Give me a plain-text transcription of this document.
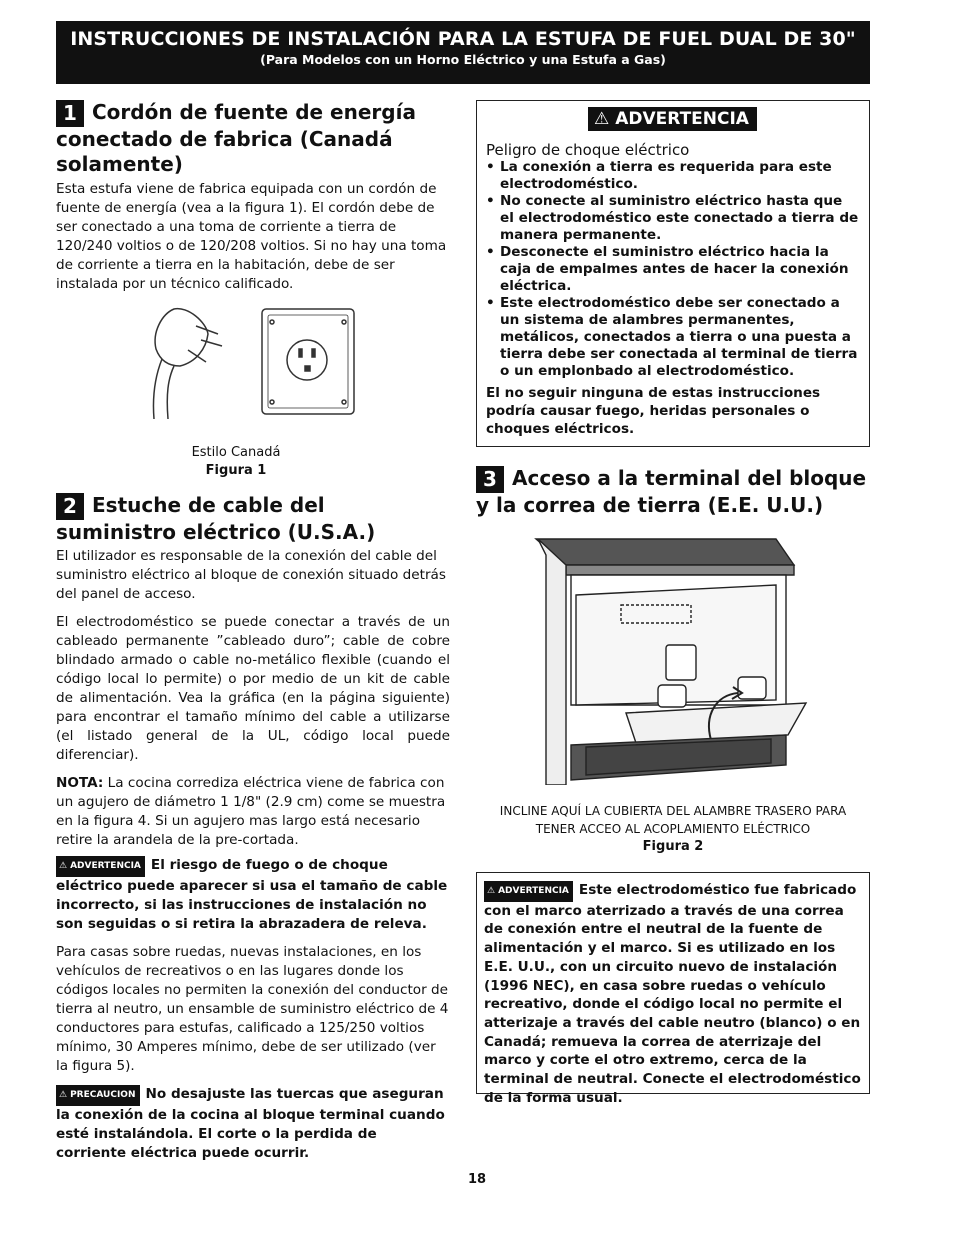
INSTRUCCIONES DE INSTALACIÓN PARA LA ESTUFA DE FUEL DUAL DE 30"
(Para Modelos con un Horno Eléctrico y una Estufa a Gas)
1 Cordón de fuente de energía conectado de fabrica (Canadá solamente)

Esta estufa viene de fabrica equipada con un cordón de fuente de energía (vea a la figura 1). El cordón debe de ser conectado a una toma de corriente a tierra de 120/240 voltios o de 120/208 voltios. Si no hay una toma de corriente a tierra en la habitación, debe de ser instalada por un técnico calificado.

Estilo Canadá
Figura 1
2 Estuche de cable del suministro eléctrico (U.S.A.)

El utilizador es responsable de la conexión del cable del suministro eléctrico al bloque de conexión situado detrás del panel de acceso.

El electrodoméstico se puede conectar a través de un cableado permanente ”cableado duro”; cable de cobre blindado armado o cable no-metálico flexible (cuando el código local lo permite) o por medio de un kit de cable de alimentación. Vea la gráfica (en la página siguiente) para encontrar el tamaño mínimo del cable a utilizarse (el listado general de la UL, código local puede diferenciar).

NOTA: La cocina corrediza eléctrica viene de fabrica con un agujero de diámetro 1 1/8" (2.9 cm) come se muestra en la figura 4. Si un agujero mas largo está necesario retire la arandela de la pre-cortada.

⚠ ADVERTENCIA El riesgo de fuego o de choque eléctrico puede aparecer si usa el tamaño de cable incorrecto, si las instrucciones de instalación no son seguidas o si retira la abrazadera de releva.

Para casas sobre ruedas, nuevas instalaciones, en los vehículos de recreativos o en las lugares donde los códigos locales no permiten la conexión del conductor de tierra al neutro, un ensamble de suministro eléctrico de 4 conductores para estufas, calificado a 125/250 voltios mínimo, 30 Amperes mínimo, debe de ser utilizado (ver la figura 5).

⚠ PRECAUCION No desajuste las tuercas que aseguran la conexión de la cocina al bloque terminal cuando esté instalándola. El corte o la perdida de corriente eléctrica puede ocurrir.

⚠ ADVERTENCIA
Peligro de choque eléctrico
• La conexión a tierra es requerida para este electrodoméstico.
• No conecte al suministro eléctrico hasta que el electrodoméstico este conectado a tierra de manera permanente.
• Desconecte el suministro eléctrico hacia la caja de empalmes antes de hacer la conexión eléctrica.
• Este electrodoméstico debe ser conectado a un sistema de alambres permanentes, metálicos, conectados a tierra o una puesta a tierra debe ser conectada al terminal de tierra o un emplonbado al electrodoméstico.
El no seguir ninguna de estas instrucciones podría causar fuego, heridas personales o choques eléctricos.
3 Acceso a la terminal del bloque y la correa de tierra (E.E. U.U.)
INCLINE AQUÍ LA CUBIERTA DEL ALAMBRE TRASERO PARA
TENER ACCEO AL ACOPLAMIENTO ELÉCTRICO
Figura 2
⚠ ADVERTENCIA Este electrodoméstico fue fabricado con el marco aterrizado a través de una correa de conexión entre el neutral de la fuente de alimentación y el marco. Si es utilizado en los E.E. U.U., con un circuito nuevo de instalación (1996 NEC), en casa sobre ruedas o vehículo recreativo, donde el código local no permite el atterizaje a través del cable neutro (blanco) o en Canadá; remueva la correa de aterrizaje del marco y corte el otro extremo, cerca de la terminal de neutral. Conecte el electrodoméstico de la forma usual.
18
